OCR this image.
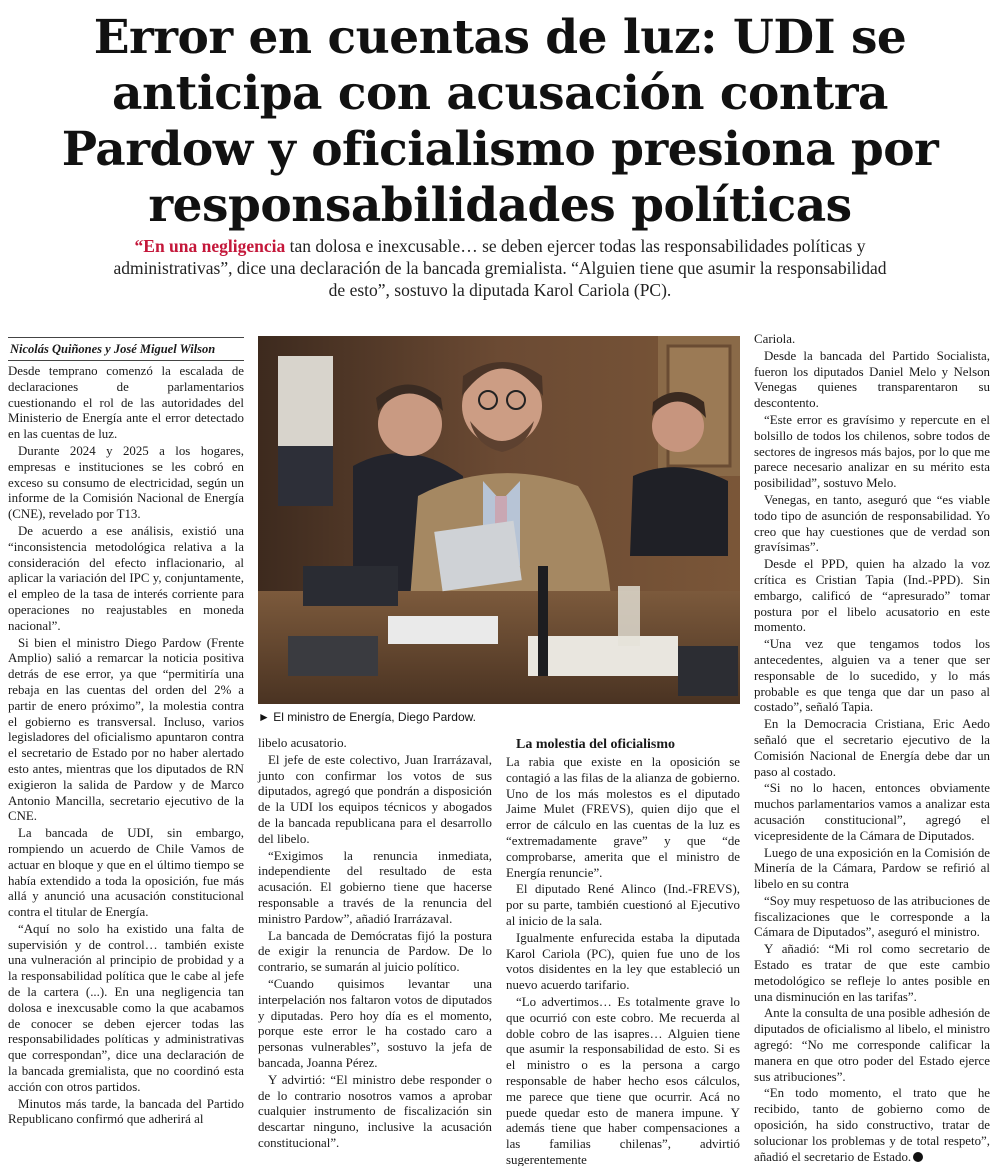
Error en cuentas de luz: UDI se anticipa con acusación contra Pardow y oficialismo presiona por responsabilidades políticas
“En una negligencia tan dolosa e inexcusable… se deben ejercer todas las responsabilidades políticas y administrativas”, dice una declaración de la bancada gremialista. “Alguien tiene que asumir la responsabilidad de esto”, sostuvo la diputada Karol Cariola (PC).
Nicolás Quiñones y José Miguel Wilson

Desde temprano comenzó la escalada de declaraciones de parlamentarios cuestionando el rol de las autoridades del Ministerio de Energía ante el error detectado en las cuentas de luz.

Durante 2024 y 2025 a los hogares, empresas e instituciones se les cobró en exceso su consumo de electricidad, según un informe de la Comisión Nacional de Energía (CNE), revelado por T13.

De acuerdo a ese análisis, existió una “inconsistencia metodológica relativa a la consideración del efecto inflacionario, al aplicar la variación del IPC y, conjuntamente, el empleo de la tasa de interés corriente para operaciones no reajustables en moneda nacional”.

Si bien el ministro Diego Pardow (Frente Amplio) salió a remarcar la noticia positiva detrás de ese error, ya que “permitiría una rebaja en las cuentas del orden del 2% a partir de enero próximo”, la molestia contra el gobierno es transversal. Incluso, varios legisladores del oficialismo apuntaron contra el secretario de Estado por no haber alertado esto antes, mientras que los diputados de RN exigieron la salida de Pardow y de Marco Antonio Mancilla, secretario ejecutivo de la CNE.

La bancada de UDI, sin embargo, rompiendo un acuerdo de Chile Vamos de actuar en bloque y que en el último tiempo se había extendido a toda la oposición, fue más allá y anunció una acusación constitucional contra el titular de Energía.

“Aquí no solo ha existido una falta de supervisión y de control… también existe una vulneración al principio de probidad y a la responsabilidad política que le cabe al jefe de la cartera (...). En una negligencia tan dolosa e inexcusable como la que acabamos de conocer se deben ejercer todas las responsabilidades políticas y administrativas que correspondan”, dice una declaración de la bancada gremialista, que no coordinó esta acción con otros partidos.

Minutos más tarde, la bancada del Partido Republicano confirmó que adherirá al

► El ministro de Energía, Diego Pardow.

libelo acusatorio.

El jefe de este colectivo, Juan Irarrázaval, junto con confirmar los votos de sus diputados, agregó que pondrán a disposición de la UDI los equipos técnicos y abogados de la bancada republicana para el desarrollo del libelo.

“Exigimos la renuncia inmediata, independiente del resultado de esta acusación. El gobierno tiene que hacerse responsable a través de la renuncia del ministro Pardow”, añadió Irarrázaval.

La bancada de Demócratas fijó la postura de exigir la renuncia de Pardow. De lo contrario, se sumarán al juicio político.

“Cuando quisimos levantar una interpelación nos faltaron votos de diputados y diputadas. Pero hoy día es el momento, porque este error le ha costado caro a personas vulnerables”, sostuvo la jefa de bancada, Joanna Pérez.

Y advirtió: “El ministro debe responder o de lo contrario nosotros vamos a aprobar cualquier instrumento de fiscalización sin descartar ninguno, inclusive la acusación constitucional”.

La molestia del oficialismo

La rabia que existe en la oposición se contagió a las filas de la alianza de gobierno. Uno de los más molestos es el diputado Jaime Mulet (FREVS), quien dijo que el error de cálculo en las cuentas de la luz es “extremadamente grave” y que “de comprobarse, amerita que el ministro de Energía renuncie”.

El diputado René Alinco (Ind.-FREVS), por su parte, también cuestionó al Ejecutivo al inicio de la sala.

Igualmente enfurecida estaba la diputada Karol Cariola (PC), quien fue uno de los votos disidentes en la ley que estableció un nuevo acuerdo tarifario.

“Lo advertimos… Es totalmente grave lo que ocurrió con este cobro. Me recuerda al doble cobro de las isapres… Alguien tiene que asumir la responsabilidad de esto. Si es el ministro o es la persona a cargo responsable de haber hecho esos cálculos, me parece que tiene que ocurrir. Acá no puede quedar esto de manera impune. Y además tiene que haber compensaciones a las familias chilenas”, advirtió sugerentemente

Cariola.

Desde la bancada del Partido Socialista, fueron los diputados Daniel Melo y Nelson Venegas quienes transparentaron su descontento.

“Este error es gravísimo y repercute en el bolsillo de todos los chilenos, sobre todos de sectores de ingresos más bajos, por lo que me parece necesario analizar en su mérito esta posibilidad”, sostuvo Melo.

Venegas, en tanto, aseguró que “es viable todo tipo de asunción de responsabilidad. Yo creo que hay cuestiones que de verdad son gravísimas”.

Desde el PPD, quien ha alzado la voz crítica es Cristian Tapia (Ind.-PPD). Sin embargo, calificó de “apresurado” tomar postura por el libelo acusatorio en este momento.

“Una vez que tengamos todos los antecedentes, alguien va a tener que ser responsable de lo sucedido, y lo más probable es que tenga que dar un paso al costado”, señaló Tapia.

En la Democracia Cristiana, Eric Aedo señaló que el secretario ejecutivo de la Comisión Nacional de Energía debe dar un paso al costado.

“Si no lo hacen, entonces obviamente muchos parlamentarios vamos a analizar esta acusación constitucional”, agregó el vicepresidente de la Cámara de Diputados.

Luego de una exposición en la Comisión de Minería de la Cámara, Pardow se refirió al libelo en su contra

“Soy muy respetuoso de las atribuciones de fiscalizaciones que le corresponde a la Cámara de Diputados”, aseguró el ministro.

Y añadió: “Mi rol como secretario de Estado es tratar de que este cambio metodológico se refleje lo antes posible en una disminución en las tarifas”.

Ante la consulta de una posible adhesión de diputados de oficialismo al libelo, el ministro agregó: “No me corresponde calificar la manera en que otro poder del Estado ejerce sus atribuciones”.

“En todo momento, el trato que he recibido, tanto de gobierno como de oposición, ha sido constructivo, tratar de solucionar los problemas y de total respeto”, añadió el secretario de Estado.
